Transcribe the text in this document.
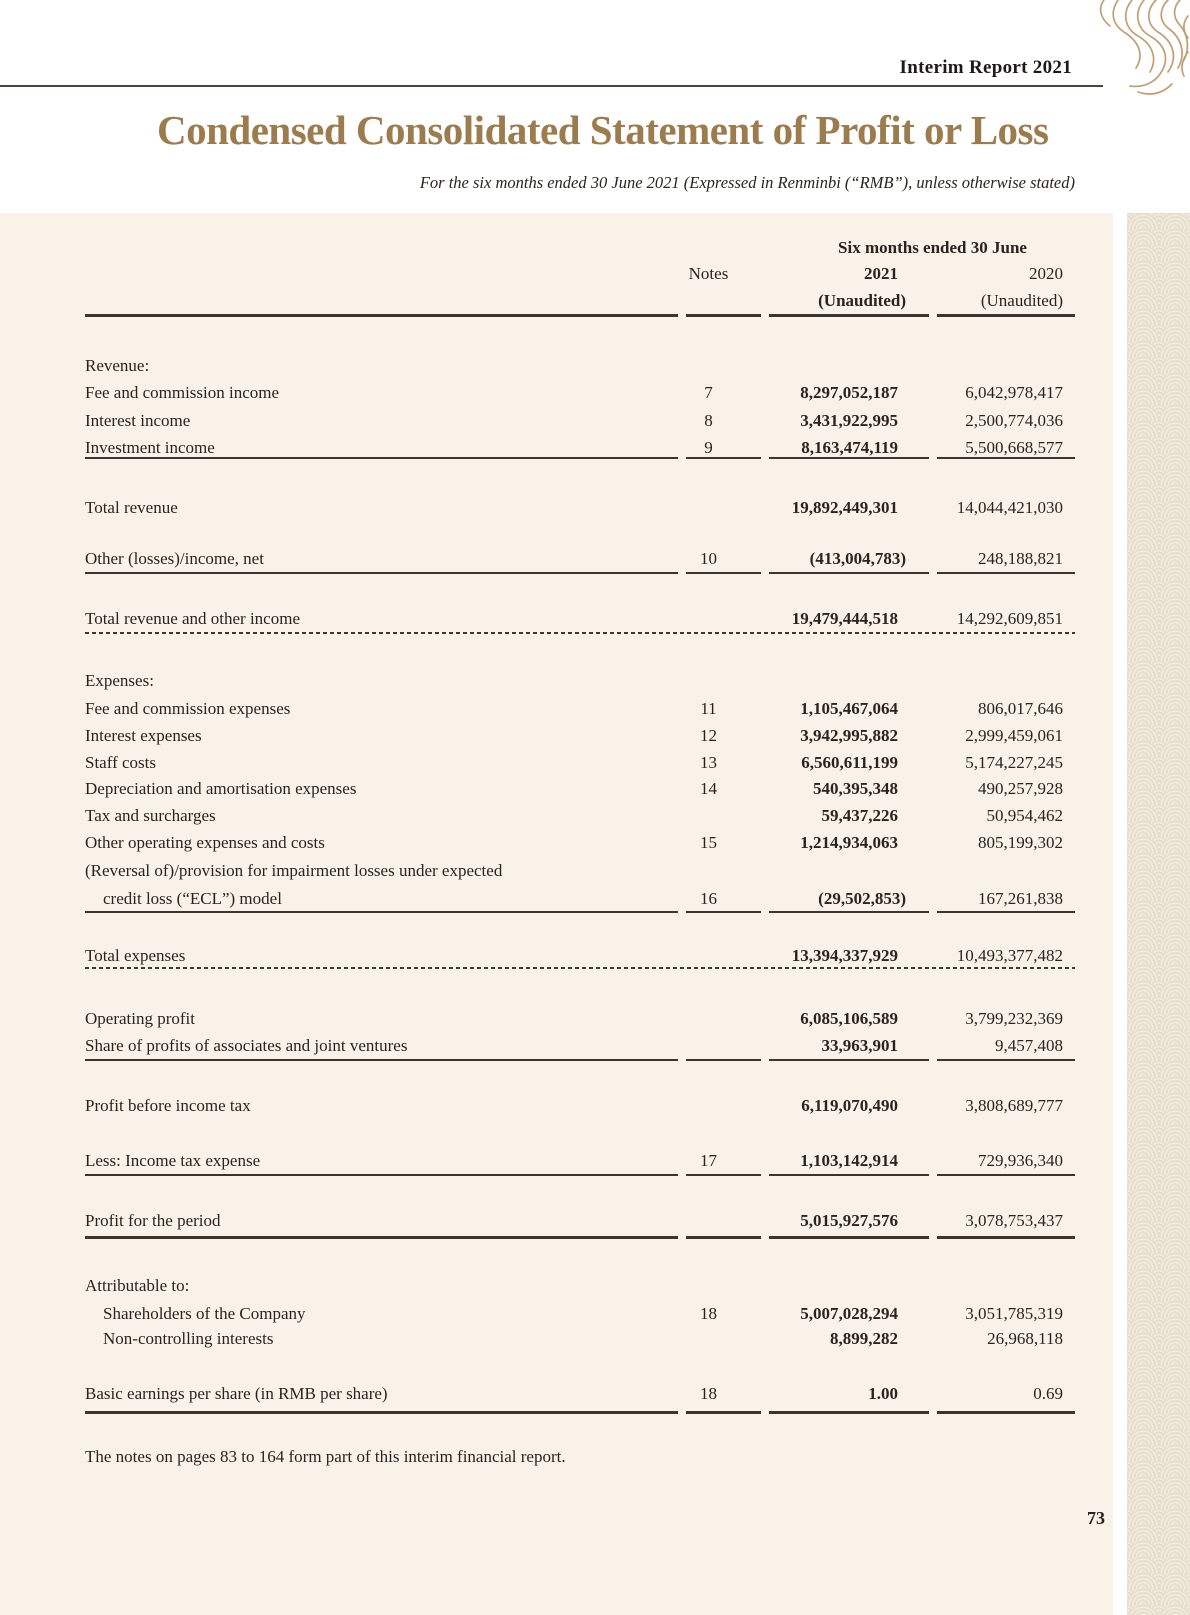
Interim Report 2021
Condensed Consolidated Statement of Profit or Loss
For the six months ended 30 June 2021 (Expressed in Renminbi (“RMB”), unless otherwise stated)
Six months ended 30 June
Notes	2021	2020
(Unaudited)	(Unaudited)
Revenue:
Fee and commission income	7	8,297,052,187	6,042,978,417
Interest income	8	3,431,922,995	2,500,774,036
Investment income	9	8,163,474,119	5,500,668,577
Total revenue	19,892,449,301	14,044,421,030
Other (losses)/income, net	10	(413,004,783)	248,188,821
Total revenue and other income	19,479,444,518	14,292,609,851
Expenses:
Fee and commission expenses	11	1,105,467,064	806,017,646
Interest expenses	12	3,942,995,882	2,999,459,061
Staff costs	13	6,560,611,199	5,174,227,245
Depreciation and amortisation expenses	14	540,395,348	490,257,928
Tax and surcharges	59,437,226	50,954,462
Other operating expenses and costs	15	1,214,934,063	805,199,302
(Reversal of)/provision for impairment losses under expected
credit loss (“ECL”) model	16	(29,502,853)	167,261,838
Total expenses	13,394,337,929	10,493,377,482
Operating profit	6,085,106,589	3,799,232,369
Share of profits of associates and joint ventures	33,963,901	9,457,408
Profit before income tax	6,119,070,490	3,808,689,777
Less: Income tax expense	17	1,103,142,914	729,936,340
Profit for the period	5,015,927,576	3,078,753,437
Attributable to:
Shareholders of the Company	18	5,007,028,294	3,051,785,319
Non-controlling interests	8,899,282	26,968,118
Basic earnings per share (in RMB per share)	18	1.00	0.69
The notes on pages 83 to 164 form part of this interim financial report.
73
